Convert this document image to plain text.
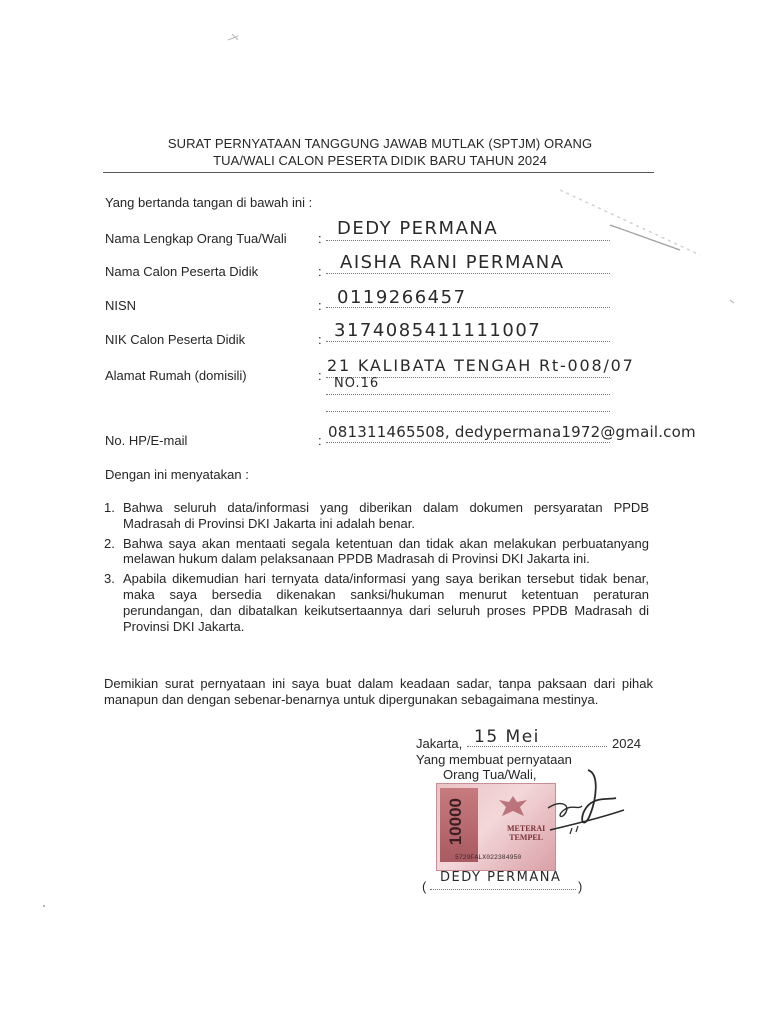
SURAT PERNYATAAN TANGGUNG JAWAB MUTLAK (SPTJM) ORANG
TUA/WALI CALON PESERTA DIDIK BARU TAHUN 2024
Yang bertanda tangan di bawah ini :
Nama Lengkap Orang Tua/Wali : DEDY PERMANA
Nama Calon Peserta Didik	: AISHA RANI PERMANA
NISN	: 0119266457
NIK Calon Peserta Didik	: 3174085411111007
Alamat Rumah (domisili)	:
21 KALIBATA TENGAH Rt-008/07
NO.16
No. HP/E-mail	: 081311465508, dedypermana1972@gmail.com
Dengan ini menyatakan :
1. Bahwa seluruh data/informasi yang diberikan dalam dokumen persyaratan PPDB Madrasah di Provinsi DKI Jakarta ini adalah benar.
2. Bahwa saya akan mentaati segala ketentuan dan tidak akan melakukan perbuatanyang melawan hukum dalam pelaksanaan PPDB Madrasah di Provinsi DKI Jakarta ini.
3. Apabila dikemudian hari ternyata data/informasi yang saya berikan tersebut tidak benar, maka saya bersedia dikenakan sanksi/hukuman menurut ketentuan peraturan perundangan, dan dibatalkan keikutsertaannya dari seluruh proses PPDB Madrasah di Provinsi DKI Jakarta.
Demikian surat pernyataan ini saya buat dalam keadaan sadar, tanpa paksaan dari pihak manapun dan dengan sebenar-benarnya untuk dipergunakan sebagaimana mestinya.
Jakarta, 15 Mei	2024
Yang membuat pernyataan
Orang Tua/Wali,
10000	METERAI
TEMPEL
5729FALX022384950
(
DEDY PERMANA
)
